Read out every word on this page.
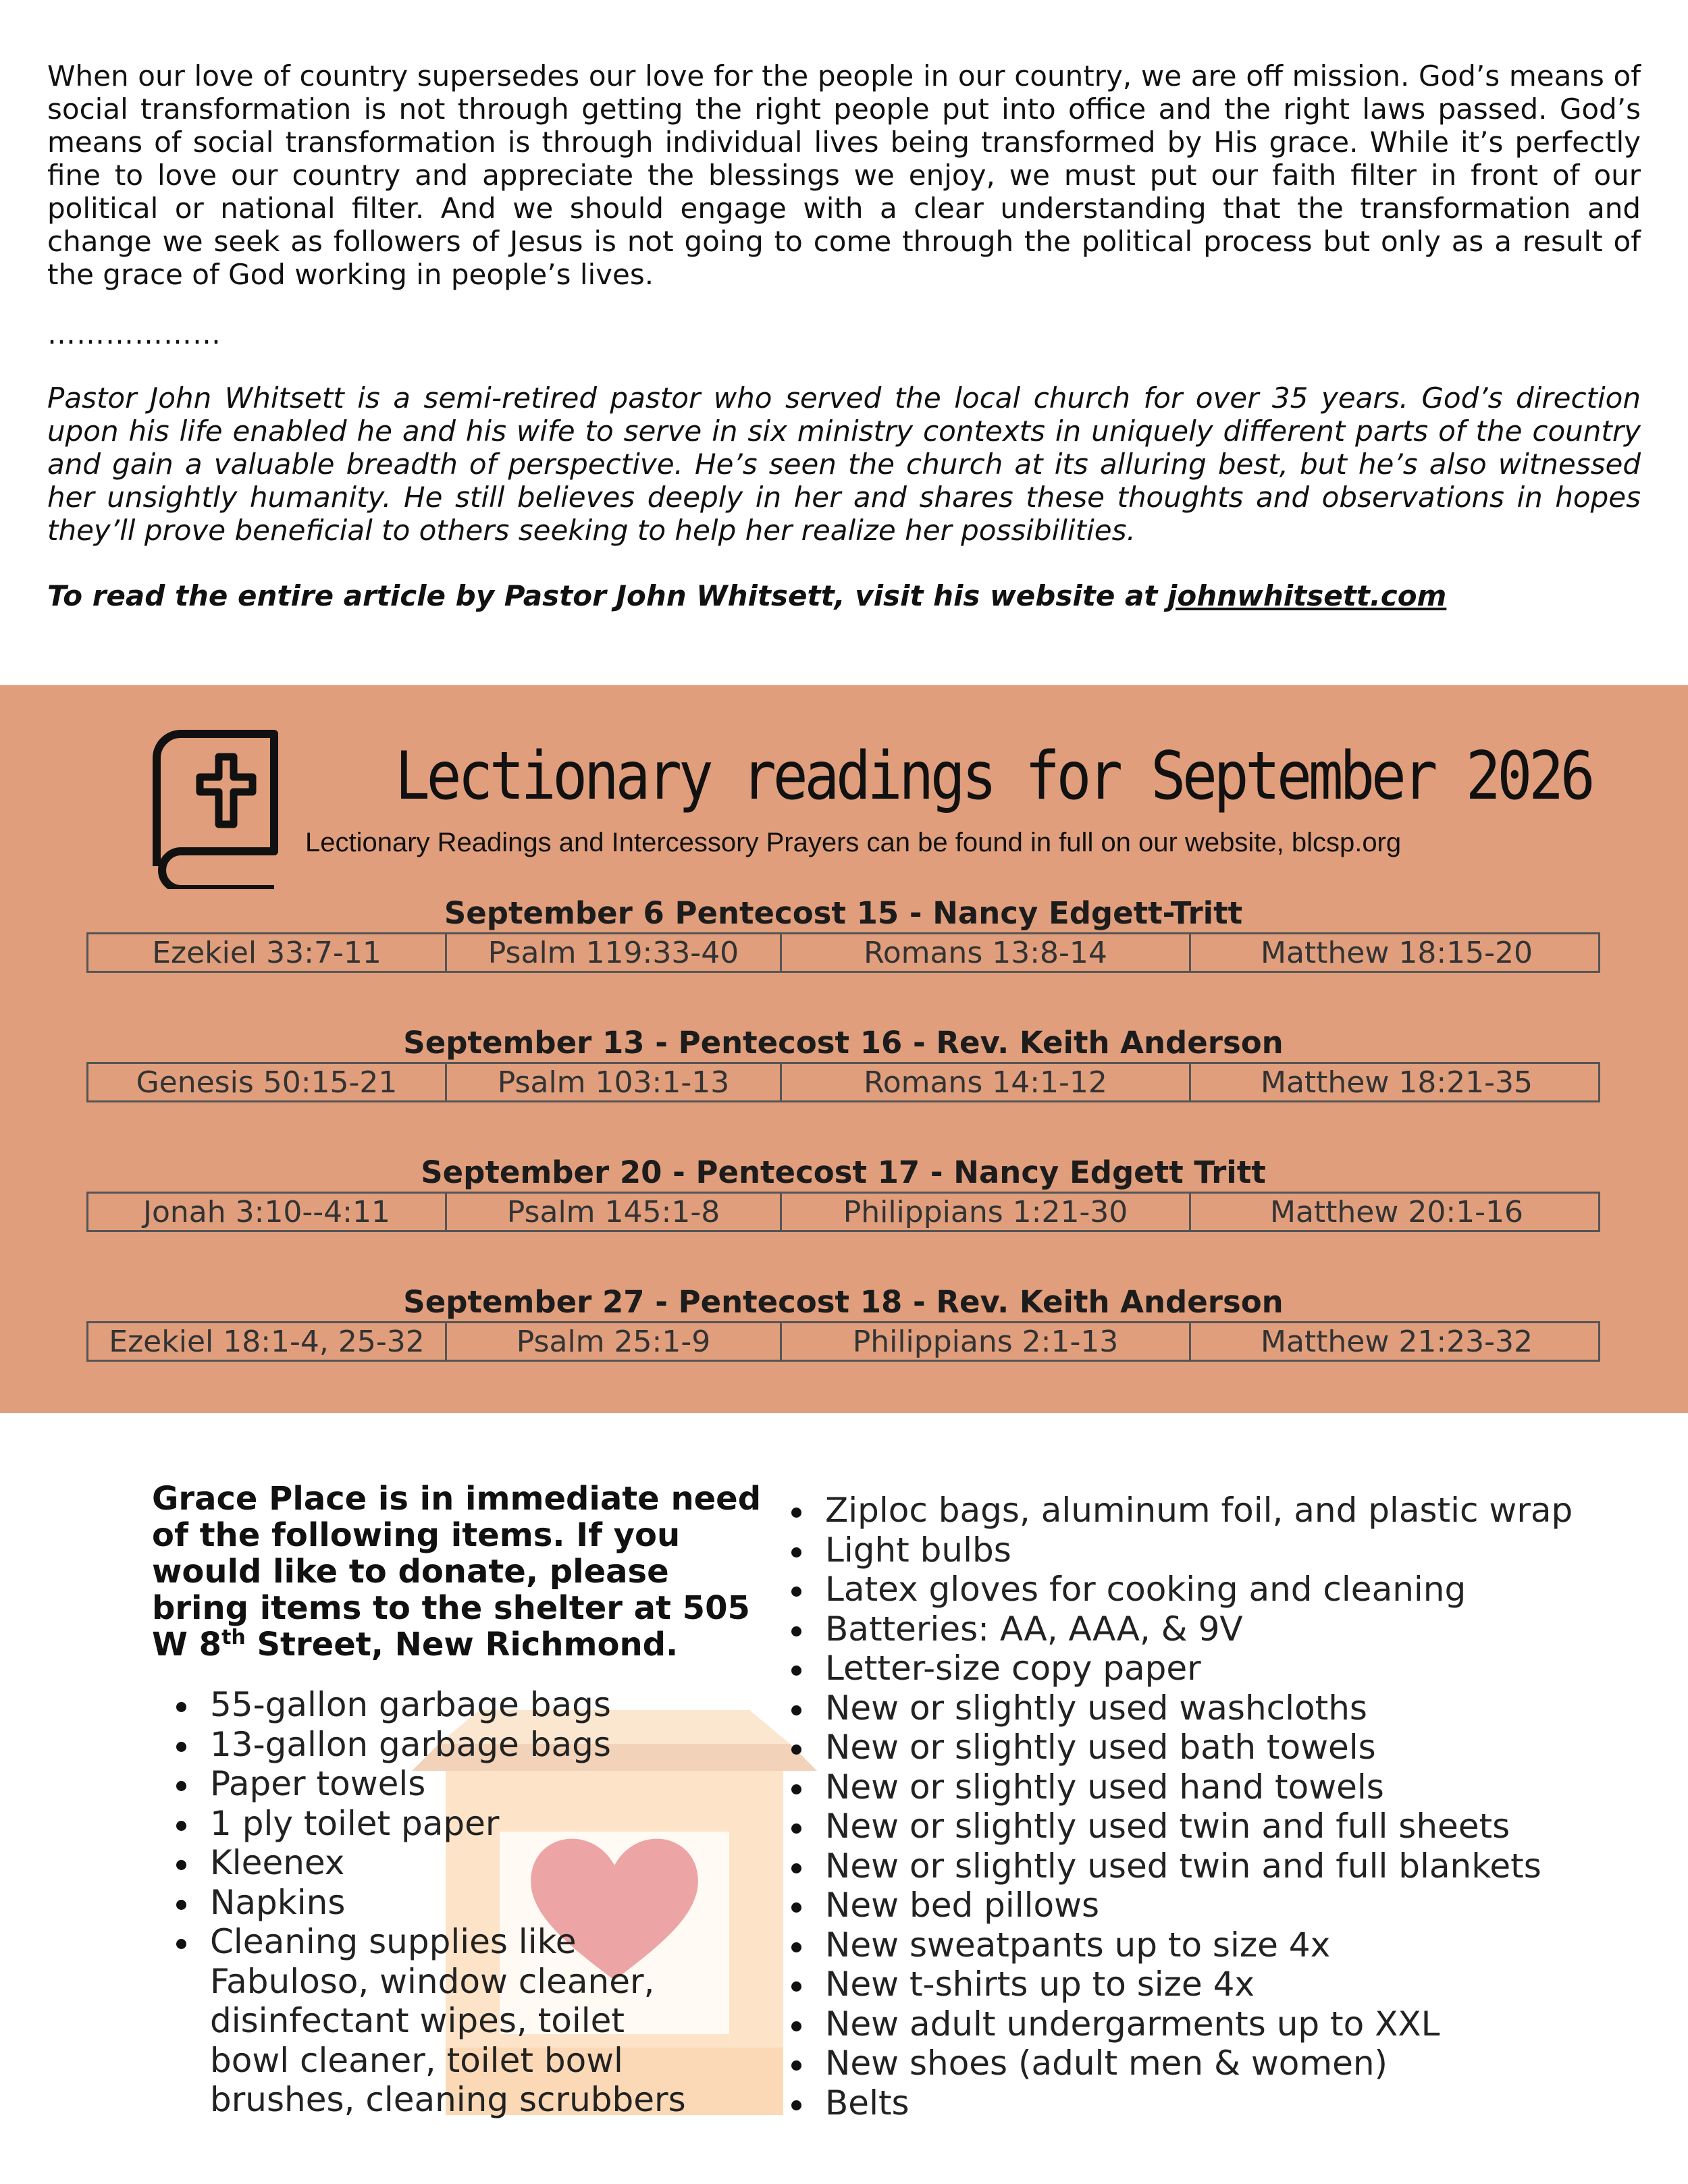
When our love of country supersedes our love for the people in our country, we are off mission. God’s means of social transformation is not through getting the right people put into office and the right laws passed. God’s means of social transformation is through individual lives being transformed by His grace. While it’s perfectly fine to love our country and appreciate the blessings we enjoy, we must put our faith filter in front of our political or national filter. And we should engage with a clear understanding that the transformation and change we seek as followers of Jesus is not going to come through the political process but only as a result of the grace of God working in people’s lives.

………………

Pastor John Whitsett is a semi-retired pastor who served the local church for over 35 years. God’s direction upon his life enabled he and his wife to serve in six ministry contexts in uniquely different parts of the country and gain a valuable breadth of perspective. He’s seen the church at its alluring best, but he’s also witnessed her unsightly humanity. He still believes deeply in her and shares these thoughts and observations in hopes they’ll prove beneficial to others seeking to help her realize her possibilities.

To read the entire article by Pastor John Whitsett, visit his website at johnwhitsett.com
Lectionary readings for September 2026
Lectionary Readings and Intercessory Prayers can be found in full on our website, blcsp.org
September 6 Pentecost 15 - Nancy Edgett-Tritt
Ezekiel 33:7-11	Psalm 119:33-40	Romans 13:8-14	Matthew 18:15-20
September 13 - Pentecost 16 - Rev. Keith Anderson
Genesis 50:15-21	Psalm 103:1-13	Romans 14:1-12	Matthew 18:21-35
September 20 - Pentecost 17 - Nancy Edgett Tritt
Jonah 3:10--4:11	Psalm 145:1-8	Philippians 1:21-30	Matthew 20:1-16
September 27 - Pentecost 18 - Rev. Keith Anderson
Ezekiel 18:1-4, 25-32	Psalm 25:1-9	Philippians 2:1-13	Matthew 21:23-32

Grace Place is in immediate need of the following items. If you would like to donate, please bring items to the shelter at 505 W 8th Street, New Richmond.

55-gallon garbage bags
13-gallon garbage bags
Paper towels
1 ply toilet paper
Kleenex
Napkins
Cleaning supplies like Fabuloso, window cleaner, disinfectant wipes, toilet bowl cleaner, toilet bowl brushes, cleaning scrubbers
Ziploc bags, aluminum foil, and plastic wrap
Light bulbs
Latex gloves for cooking and cleaning
Batteries: AA, AAA, & 9V
Letter-size copy paper
New or slightly used washcloths
New or slightly used bath towels
New or slightly used hand towels
New or slightly used twin and full sheets
New or slightly used twin and full blankets
New bed pillows
New sweatpants up to size 4x
New t-shirts up to size 4x
New adult undergarments up to XXL
New shoes (adult men & women)
Belts
